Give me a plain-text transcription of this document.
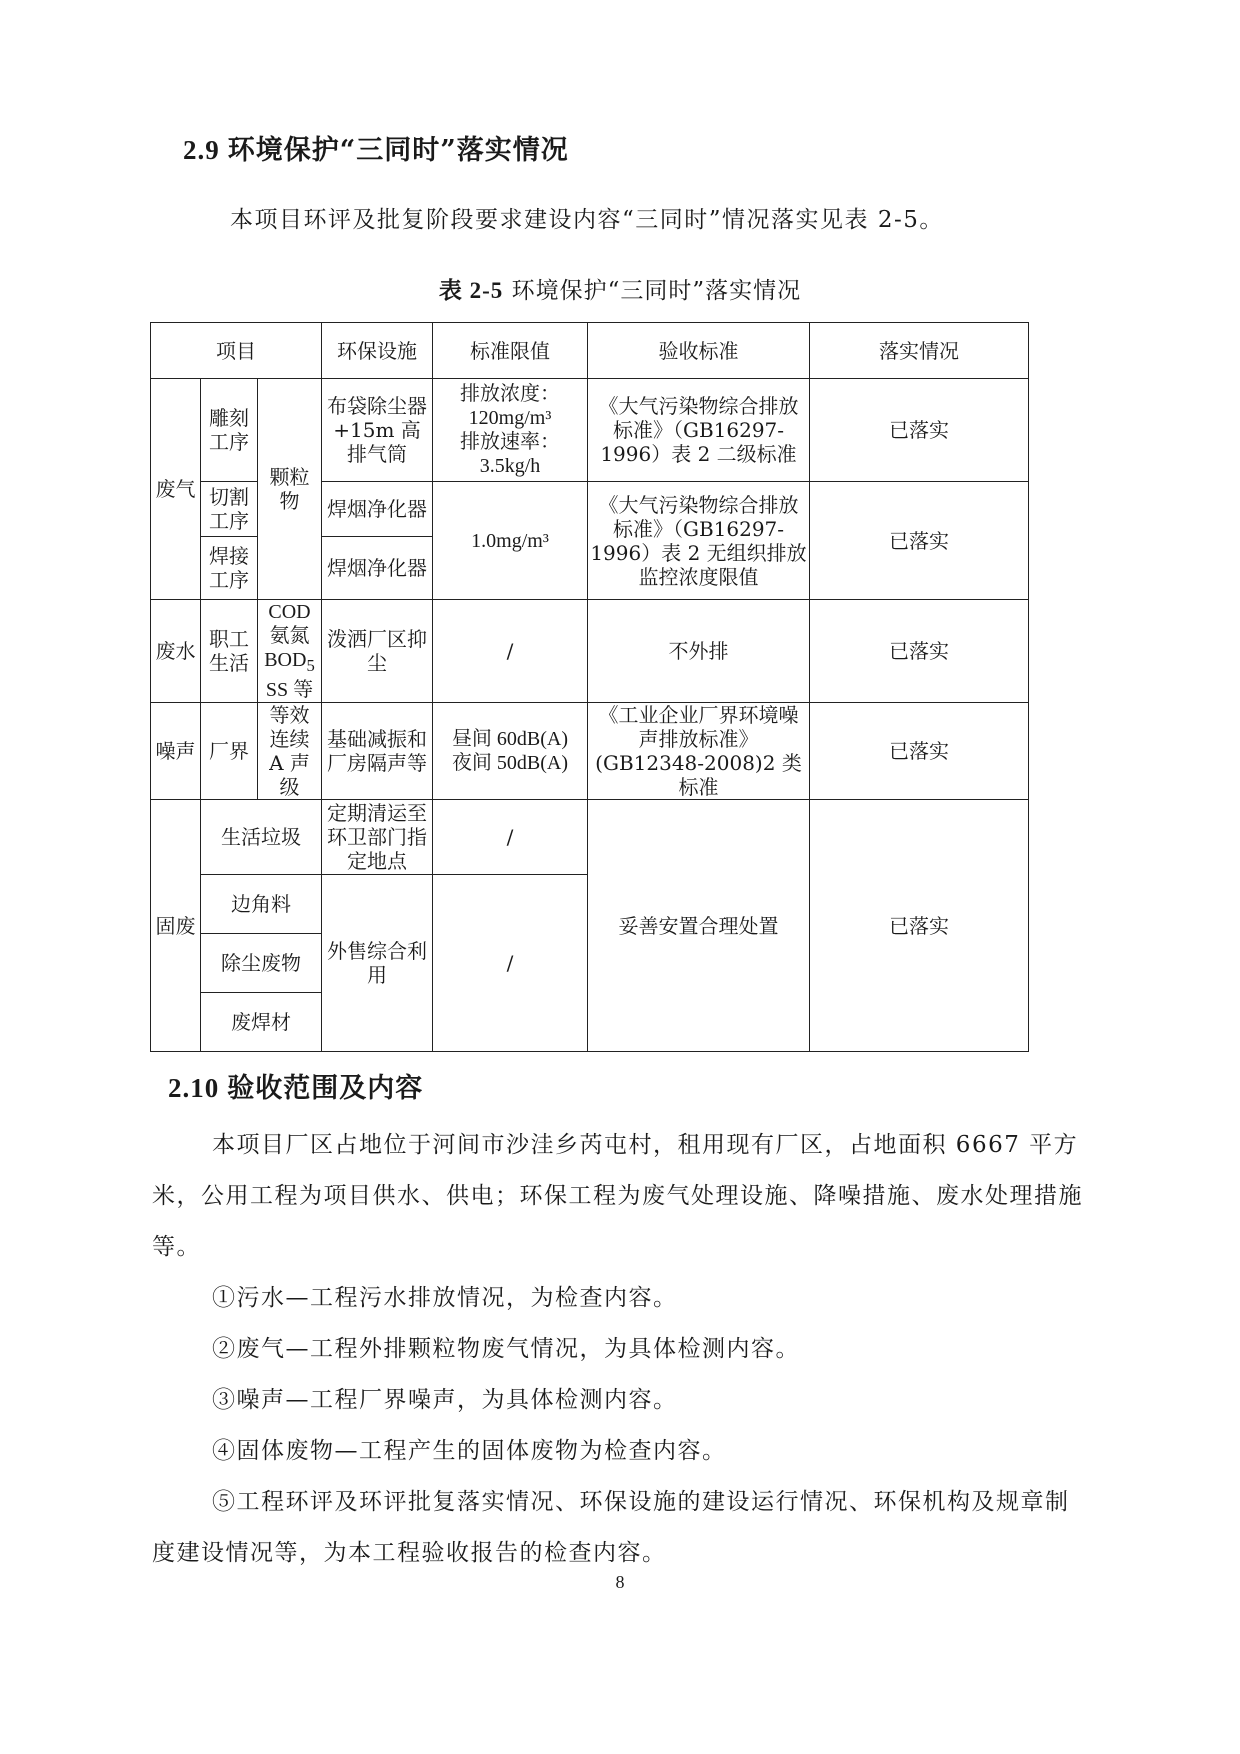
2.9 环境保护“三同时”落实情况
本项目环评及批复阶段要求建设内容“三同时”情况落实见表 2-5。
表 2-5 环境保护“三同时”落实情况
项目			环保设施	标准限值	验收标准	落实情况
废气	雕刻工序	颗粒物	布袋除尘器+15m 高排气筒	排放浓度：
120mg/m³
排放速率：
3.5kg/h	《大气污染物综合排放标准》（GB16297-1996）表 2 二级标准	已落实
	切割工序		焊烟净化器	1.0mg/m³	《大气污染物综合排放标准》（GB16297-1996）表 2 无组织排放监控浓度限值	已落实
	焊接工序		焊烟净化器			
废水	职工生活	COD
氨氮
$BOD_5$
SS 等	泼洒厂区抑尘	/	不外排	已落实
噪声	厂界	等效连续 A 声级	基础减振和厂房隔声等	昼间 60dB(A)
夜间 50dB(A)	《工业企业厂界环境噪声排放标准》(GB12348-2008)2 类标准	已落实
固废	生活垃圾		定期清运至环卫部门指定地点	/	妥善安置合理处置	已落实
	边角料		外售综合利用	/		
	除尘废物					
	废焊材					
2.10 验收范围及内容

本项目厂区占地位于河间市沙洼乡芮屯村，租用现有厂区，占地面积 6667 平方米，公用工程为项目供水、供电；环保工程为废气处理设施、降噪措施、废水处理措施等。

①污水—工程污水排放情况，为检查内容。

②废气—工程外排颗粒物废气情况，为具体检测内容。

③噪声—工程厂界噪声，为具体检测内容。

④固体废物—工程产生的固体废物为检查内容。

⑤工程环评及环评批复落实情况、环保设施的建设运行情况、环保机构及规章制度建设情况等，为本工程验收报告的检查内容。

8
